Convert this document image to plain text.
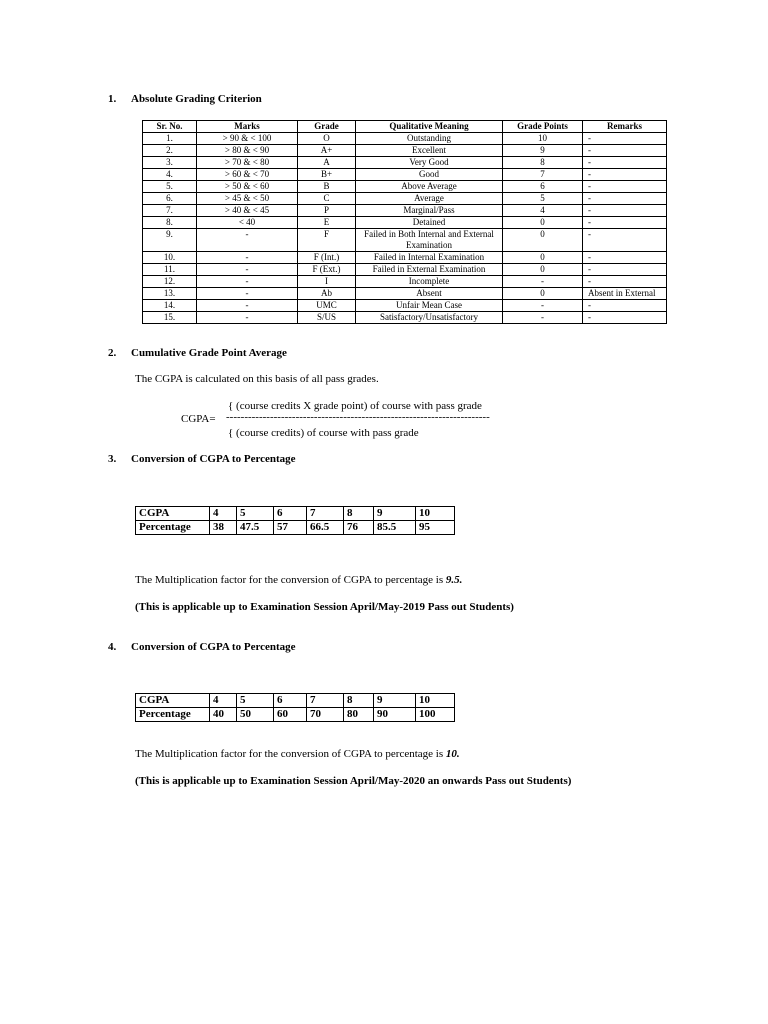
1. Absolute Grading Criterion
Sr. No.	Marks	Grade	Qualitative Meaning	Grade Points	Remarks
1.	> 90 & < 100	O	Outstanding	10	-
2.	> 80 & < 90	A+	Excellent	9	-
3.	> 70 & < 80	A	Very Good	8	-
4.	> 60 & < 70	B+	Good	7	-
5.	> 50 & < 60	B	Above Average	6	-
6.	> 45 & < 50	C	Average	5	-
7.	> 40 & < 45	P	Marginal/Pass	4	-
8.	< 40	E	Detained	0	-
9.	-	F	Failed in Both Internal and External Examination	0	-
10.	-	F (Int.)	Failed in Internal Examination	0	-
11.	-	F (Ext.)	Failed in External Examination	0	-
12.	-	I	Incomplete	-	-
13.	-	Ab	Absent	0	Absent in External
14.	-	UMC	Unfair Mean Case	-	-
15.	-	S/US	Satisfactory/Unsatisfactory	-	-
2. Cumulative Grade Point Average
The CGPA is calculated on this basis of all pass grades.
{ (course credits X grade point) of course with pass grade
CGPA= ------------------------------------------------------------------------
{ (course credits) of course with pass grade
3. Conversion of CGPA to Percentage
CGPA	4	5	6	7	8	9	10
Percentage	38	47.5	57	66.5	76	85.5	95
The Multiplication factor for the conversion of CGPA to percentage is 9.5.
(This is applicable up to Examination Session April/May-2019 Pass out Students)
4. Conversion of CGPA to Percentage
CGPA	4	5	6	7	8	9	10
Percentage	40	50	60	70	80	90	100
The Multiplication factor for the conversion of CGPA to percentage is 10.
(This is applicable up to Examination Session April/May-2020 an onwards Pass out Students)
